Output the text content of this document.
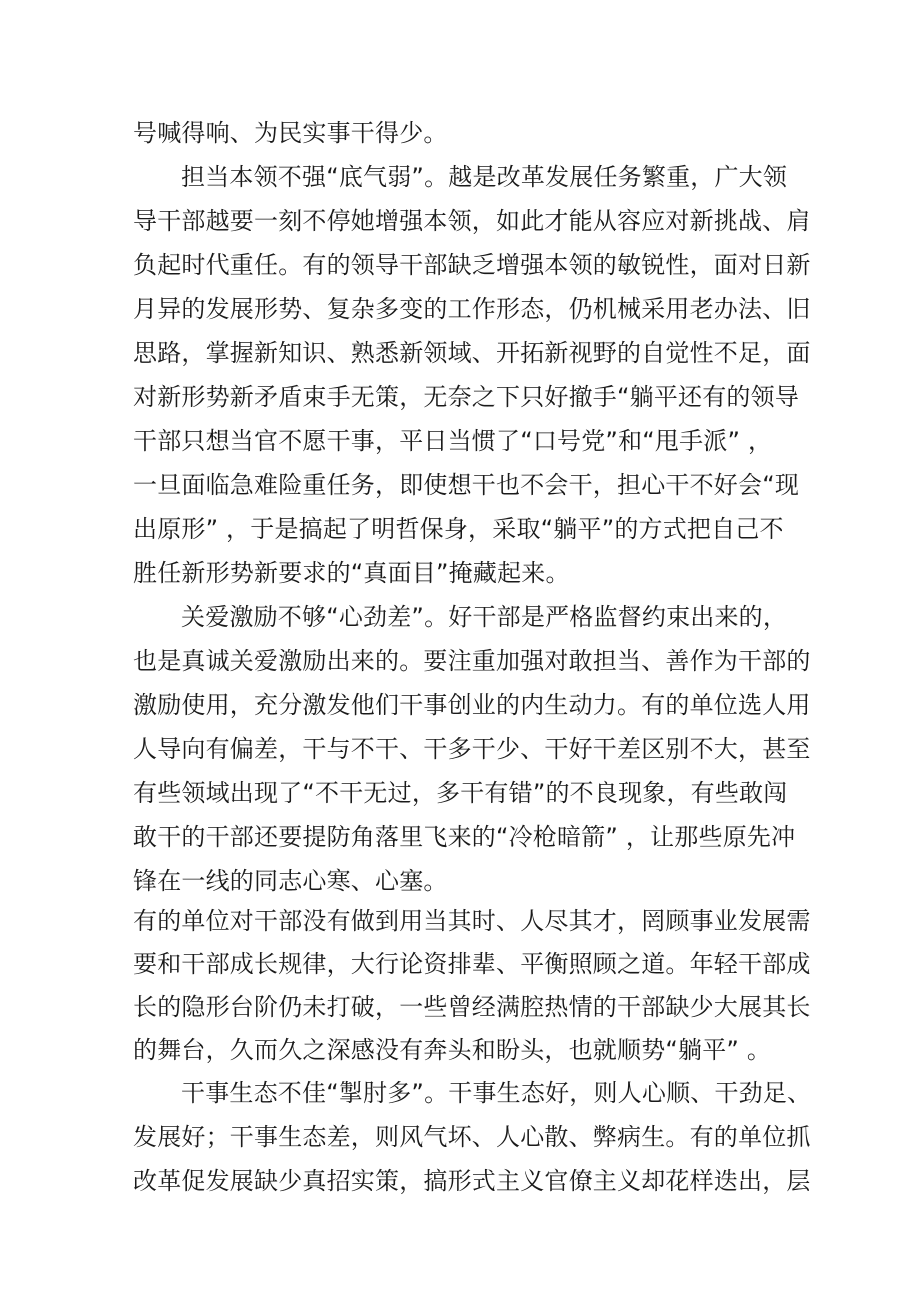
号喊得响、为民实事干得少。
担当本领不强“底气弱”。越是改革发展任务繁重，广大领
导干部越要一刻不停她增强本领，如此才能从容应对新挑战、肩
负起时代重任。有的领导干部缺乏增强本领的敏锐性，面对日新
月异的发展形势、复杂多变的工作形态，仍机械采用老办法、旧
思路，掌握新知识、熟悉新领域、开拓新视野的自觉性不足，面
对新形势新矛盾束手无策，无奈之下只好撤手“躺平还有的领导
干部只想当官不愿干事，平日当惯了“口号党”和“甩手派” ，
一旦面临急难险重任务，即使想干也不会干，担心干不好会“现
出原形” ，于是搞起了明哲保身，采取“躺平”的方式把自己不
胜任新形势新要求的“真面目”掩藏起来。
关爱激励不够“心劲差”。好干部是严格监督约束出来的，
也是真诚关爱激励出来的。要注重加强对敢担当、善作为干部的
激励使用，充分激发他们干事创业的内生动力。有的单位选人用
人导向有偏差，干与不干、干多干少、干好干差区别不大，甚至
有些领域出现了“不干无过，多干有错”的不良现象，有些敢闯
敢干的干部还要提防角落里飞来的“冷枪暗箭” ，让那些原先冲
锋在一线的同志心寒、心塞。
有的单位对干部没有做到用当其时、人尽其才，罔顾事业发展需
要和干部成长规律，大行论资排辈、平衡照顾之道。年轻干部成
长的隐形台阶仍未打破，一些曾经满腔热情的干部缺少大展其长
的舞台，久而久之深感没有奔头和盼头，也就顺势“躺平” 。
干事生态不佳“掣肘多”。干事生态好，则人心顺、干劲足、
发展好；干事生态差，则风气坏、人心散、弊病生。有的单位抓
改革促发展缺少真招实策，搞形式主义官僚主义却花样迭出，层
